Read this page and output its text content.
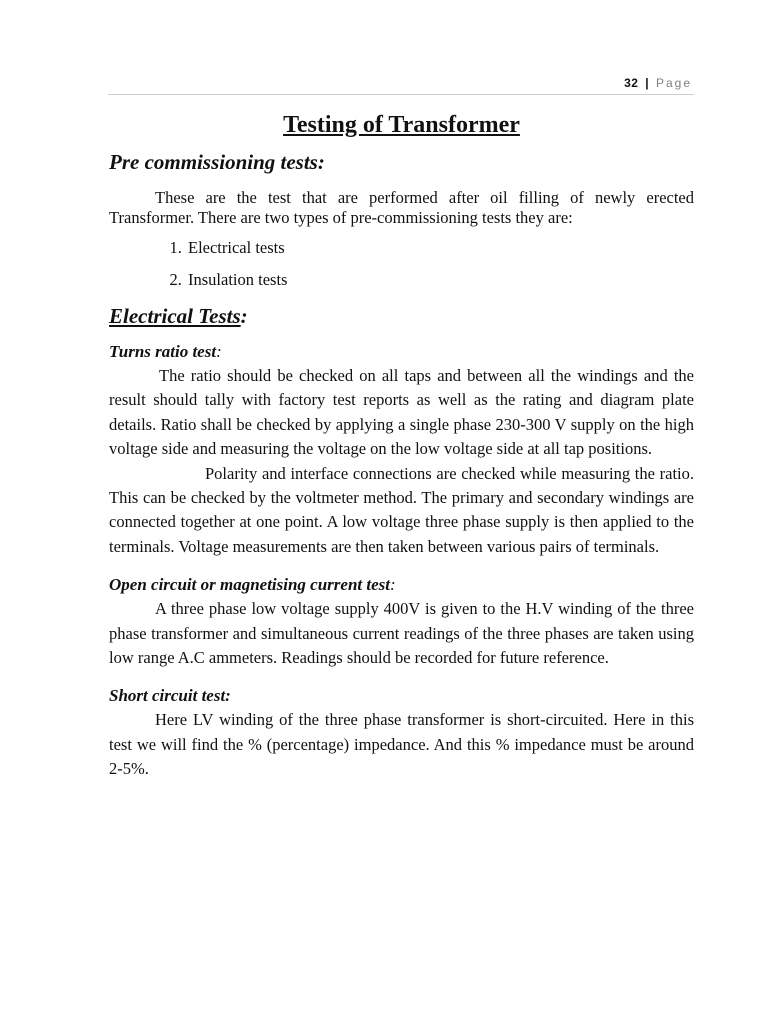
32 | Page
Testing of Transformer
Pre commissioning tests:

These are the test that are performed after oil filling of newly erected Transformer. There are two types of pre-commissioning tests they are:

1. Electrical tests
2. Insulation tests
Electrical Tests:
Turns ratio test:

The ratio should be checked on all taps and between all the windings and the result should tally with factory test reports as well as the rating and diagram plate details. Ratio shall be checked by applying a single phase 230-300 V supply on the high voltage side and measuring the voltage on the low voltage side at all tap positions.

Polarity and interface connections are checked while measuring the ratio. This can be checked by the voltmeter method. The primary and secondary windings are connected together at one point. A low voltage three phase supply is then applied to the terminals. Voltage measurements are then taken between various pairs of terminals.

Open circuit or magnetising current test:

A three phase low voltage supply 400V is given to the H.V winding of the three phase transformer and simultaneous current readings of the three phases are taken using low range A.C ammeters. Readings should be recorded for future reference.

Short circuit test:

Here LV winding of the three phase transformer is short-circuited. Here in this test we will find the % (percentage) impedance. And this % impedance must be around 2-5%.
